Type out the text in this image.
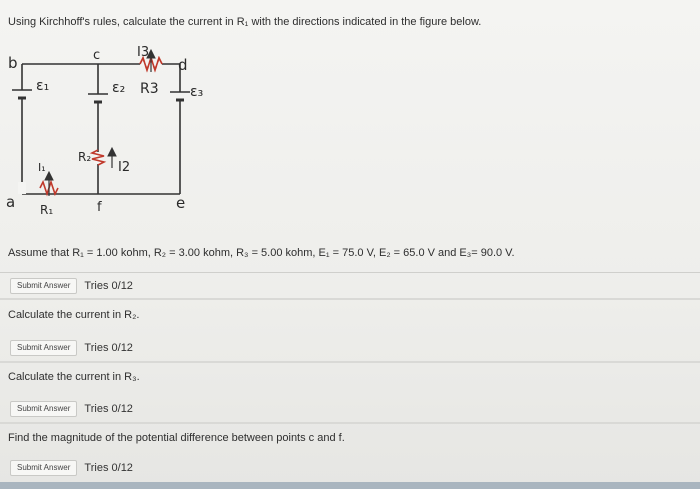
Using Kirchhoff's rules, calculate the current in R₁ with the directions indicated in the figure below.
b	c
d
a	f	e
ε₁	ε₂	ε₃
R₁
R₂
R3
I₁	I2
I3
Assume that R₁ = 1.00 kohm, R₂ = 3.00 kohm, R₃ = 5.00 kohm, E₁ = 75.0 V, E₂ = 65.0 V and E₃= 90.0 V.
Submit Answer Tries 0/12
Calculate the current in R₂.
Submit Answer Tries 0/12
Calculate the current in R₃.
Submit Answer Tries 0/12
Find the magnitude of the potential difference between points c and f.
Submit Answer Tries 0/12
